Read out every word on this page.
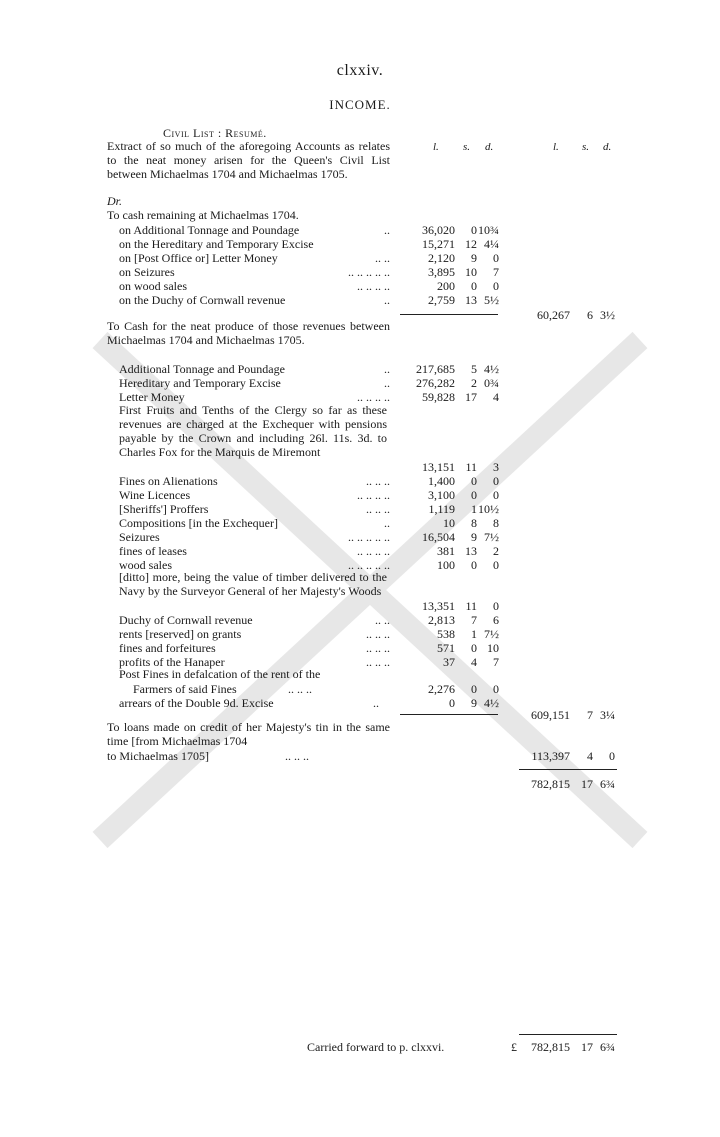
clxxiv.
INCOME.
Civil List : Resumé.
l. s. d.	l. s. d.
Extract of so much of the aforegoing Accounts as relates to the neat money arisen for the Queen's Civil List between Michaelmas 1704 and Michaelmas 1705.
Dr.
To cash remaining at Michaelmas 1704.
on Additional Tonnage and Poundage	..	36,020	0 10¾
on the Hereditary and Temporary Excise	15,271 12 4¼
on [Post Office or] Letter Money	.. ..	2,120	9	0
on Seizures	.. .. .. .. ..	3,895 10	7
on wood sales	.. .. .. ..	200	0	0
on the Duchy of Cornwall revenue	..	2,759 13 5½
60,267	6 3½
To Cash for the neat produce of those revenues between Michaelmas 1704 and Michaelmas 1705.
Additional Tonnage and Poundage	..	217,685	5 4½
Hereditary and Temporary Excise	..	276,282	2 0¾
Letter Money	.. .. .. ..	59,828 17	4
First Fruits and Tenths of the Clergy so far as these revenues are charged at the Exchequer with pensions payable by the Crown and including 26l. 11s. 3d. to Charles Fox for the Marquis de Miremont
13,151 11	3
Fines on Alienations	.. .. ..	1,400	0	0
Wine Licences	.. .. .. ..	3,100	0	0
[Sheriffs'] Proffers	.. .. ..	1,119	1 10½
Compositions [in the Exchequer]	..	10	8	8
Seizures	.. .. .. .. ..	16,504	9 7½
fines of leases	.. .. .. ..	381 13	2
wood sales	.. .. .. .. ..	100	0	0
[ditto] more, being the value of timber delivered to the Navy by the Surveyor General of her Majesty's Woods
13,351 11	0
Duchy of Cornwall revenue	.. ..	2,813	7	6
rents [reserved] on grants	.. .. ..	538	1 7½
fines and forfeitures	.. .. ..	571	0 10
profits of the Hanaper	.. .. ..	37	4	7
Post Fines in defalcation of the rent of the
Farmers of said Fines	.. .. ..	2,276	0	0
arrears of the Double 9d. Excise	..	0	9 4½
609,151	7 3¼
To loans made on credit of her Majesty's tin in the same time [from Michaelmas 1704
to Michaelmas 1705]	.. .. ..	113,397	4	0
782,815 17 6¾
Carried forward to p. clxxvi.	£	782,815 17 6¾
